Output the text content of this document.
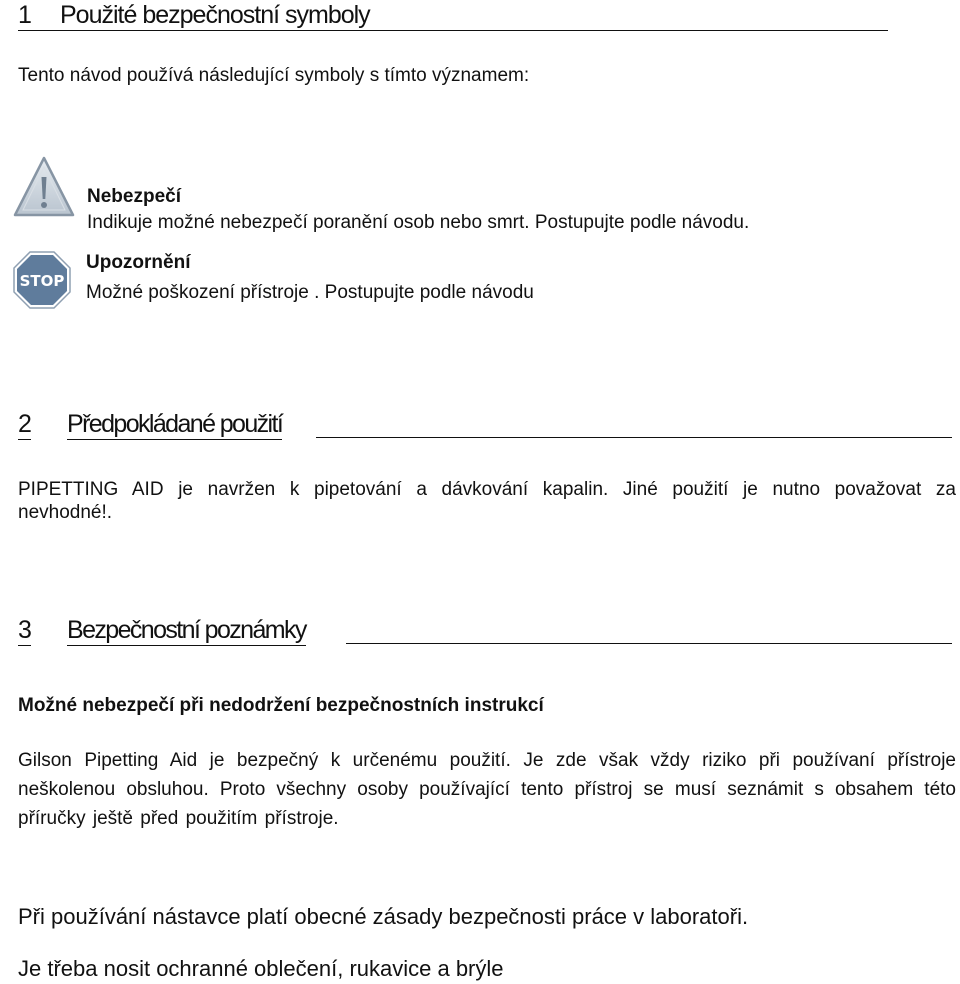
1 Použité bezpečnostní symboly
Tento návod používá následující symboly s tímto významem:
Nebezpečí
Indikuje možné nebezpečí poranění osob nebo smrt. Postupujte podle návodu.
STOP
Upozornění
Možné poškození přístroje . Postupujte podle návodu
2 Předpokládané použití
PIPETTING AID je navržen k pipetování a dávkování kapalin. Jiné použití je nutno považovat za nevhodné!.
3 Bezpečnostní poznámky
Možné nebezpečí při nedodržení bezpečnostních instrukcí
Gilson Pipetting Aid je bezpečný k určenému použití. Je zde však vždy riziko při používaní přístroje neškolenou obsluhou. Proto všechny osoby používající tento přístroj se musí seznámit s obsahem této příručky ještě před použitím přístroje.
Při používání nástavce platí obecné zásady bezpečnosti práce v laboratoři.
Je třeba nosit ochranné oblečení, rukavice a brýle
